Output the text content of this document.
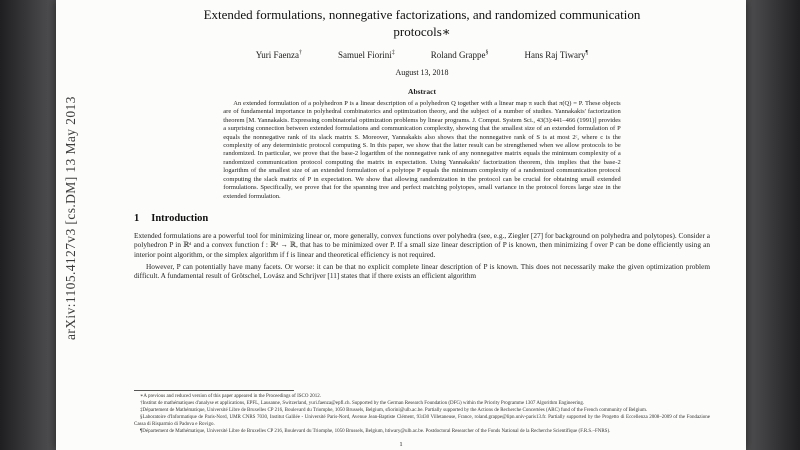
arXiv:1105.4127v3 [cs.DM] 13 May 2013
Extended formulations, nonnegative factorizations, and randomized communication protocols∗
Yuri Faenza†	Samuel Fiorini‡	Roland Grappe§	Hans Raj Tiwary¶
August 13, 2018
Abstract

An extended formulation of a polyhedron P is a linear description of a polyhedron Q together with a linear map π such that π(Q) = P. These objects are of fundamental importance in polyhedral combinatorics and optimization theory, and the subject of a number of studies. Yannakakis' factorization theorem [M. Yannakakis. Expressing combinatorial optimization problems by linear programs. J. Comput. System Sci., 43(3):441–466 (1991)] provides a surprising connection between extended formulations and communication complexity, showing that the smallest size of an extended formulation of P equals the nonnegative rank of its slack matrix S. Moreover, Yannakakis also shows that the nonnegative rank of S is at most 2ᶜ, where c is the complexity of any deterministic protocol computing S. In this paper, we show that the latter result can be strengthened when we allow protocols to be randomized. In particular, we prove that the base-2 logarithm of the nonnegative rank of any nonnegative matrix equals the minimum complexity of a randomized communication protocol computing the matrix in expectation. Using Yannakakis' factorization theorem, this implies that the base-2 logarithm of the smallest size of an extended formulation of a polytope P equals the minimum complexity of a randomized communication protocol computing the slack matrix of P in expectation. We show that allowing randomization in the protocol can be crucial for obtaining small extended formulations. Specifically, we prove that for the spanning tree and perfect matching polytopes, small variance in the protocol forces large size in the extended formulation.

1 Introduction

Extended formulations are a powerful tool for minimizing linear or, more generally, convex functions over polyhedra (see, e.g., Ziegler [27] for background on polyhedra and polytopes). Consider a polyhedron P in ℝᵈ and a convex function f : ℝᵈ → ℝ, that has to be minimized over P. If a small size linear description of P is known, then minimizing f over P can be done efficiently using an interior point algorithm, or the simplex algorithm if f is linear and theoretical efficiency is not required.

However, P can potentially have many facets. Or worse: it can be that no explicit complete linear description of P is known. This does not necessarily make the given optimization problem difficult. A fundamental result of Grötschel, Lovász and Schrijver [11] states that if there exists an efficient algorithm

∗A previous and reduced version of this paper appeared in the Proceedings of ISCO 2012.

†Institut de mathématiques d'analyse et applications, EPFL, Lausanne, Switzerland, yuri.faenza@epfl.ch. Supported by the German Research Foundation (DFG) within the Priority Programme 1307 Algorithm Engineering.

‡Département de Mathématique, Université Libre de Bruxelles CP 216, Boulevard du Triomphe, 1050 Brussels, Belgium, sfiorini@ulb.ac.be. Partially supported by the Actions de Recherche Concertées (ARC) fund of the French community of Belgium.

§Laboratoire d'Informatique de Paris-Nord, UMR CNRS 7030, Institut Galilée - Université Paris-Nord, Avenue Jean-Baptiste Clément, 93430 Villetaneuse, France, roland.grappe@lipn.univ-paris13.fr. Partially supported by the Progetto di Eccellenza 2008–2009 of the Fondazione Cassa di Risparmio di Padova e Rovigo.

¶Département de Mathématique, Université Libre de Bruxelles CP 216, Boulevard du Triomphe, 1050 Brussels, Belgium, htiwary@ulb.ac.be. Postdoctoral Researcher of the Fonds National de la Recherche Scientifique (F.R.S.–FNRS).

1
